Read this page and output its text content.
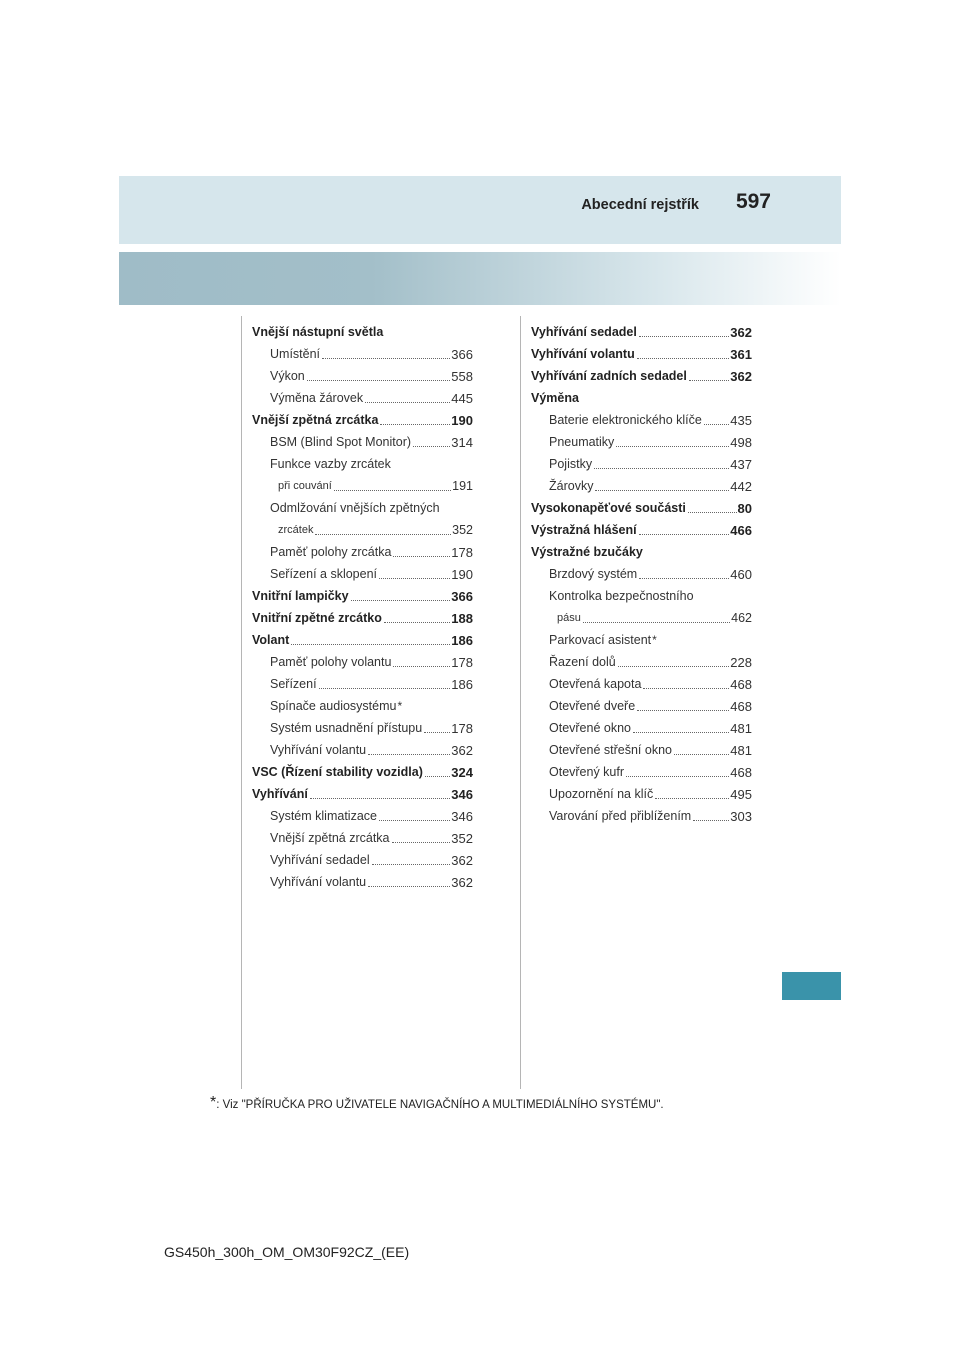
Abecední rejstřík 597
Vnější nástupní světla
Umístění	366
Výkon	558
Výměna žárovek	445
Vnější zpětná zrcátka	190
BSM (Blind Spot Monitor)	314
Funkce vazby zrcátek
při couvání	191
Odmlžování vnějších zpětných
zrcátek	352
Paměť polohy zrcátka	178
Seřízení a sklopení	190
Vnitřní lampičky	366
Vnitřní zpětné zrcátko	188
Volant	186
Paměť polohy volantu	178
Seřízení	186
Spínače audiosystému *
Systém usnadnění přístupu 178
Vyhřívání volantu	362
VSC (Řízení stability vozidla) 324
Vyhřívání	346
Systém klimatizace	346
Vnější zpětná zrcátka	352
Vyhřívání sedadel	362
Vyhřívání volantu	362
Vyhřívání sedadel	362
Vyhřívání volantu	361
Vyhřívání zadních sedadel	362
Výměna
Baterie elektronického klíče 435
Pneumatiky	498
Pojistky	437
Žárovky	442
Vysokonapěťové součásti	80
Výstražná hlášení	466
Výstražné bzučáky
Brzdový systém	460
Kontrolka bezpečnostního
pásu	462
Parkovací asistent *
Řazení dolů	228
Otevřená kapota	468
Otevřené dveře	468
Otevřené okno	481
Otevřené střešní okno	481
Otevřený kufr	468
Upozornění na klíč	495
Varování před přiblížením	303
*: Viz "PŘÍRUČKA PRO UŽIVATELE NAVIGAČNÍHO A MULTIMEDIÁLNÍHO SYSTÉMU".
GS450h_300h_OM_OM30F92CZ_(EE)
